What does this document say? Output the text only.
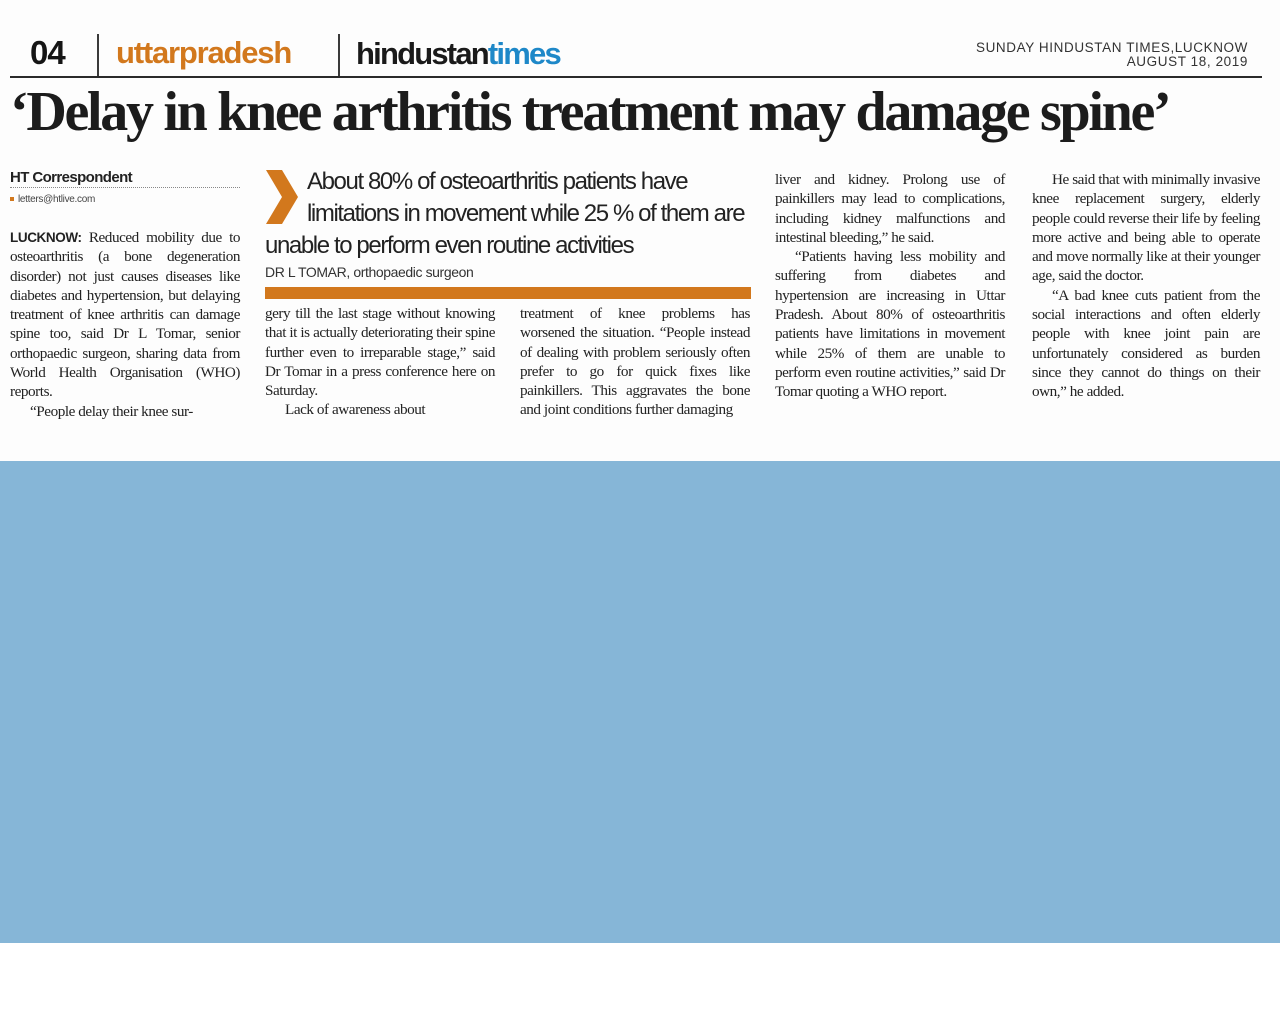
04 uttarpradesh hindustantimes	SUNDAY HINDUSTAN TIMES,LUCKNOW
AUGUST 18, 2019
‘Delay in knee arthritis treatment may damage spine’
HT Correspondent
letters@htlive.com

LUCKNOW: Reduced mobility due to osteoarthritis (a bone degeneration disorder) not just causes diseases like diabetes and hypertension, but delaying treatment of knee arthritis can damage spine too, said Dr L Tomar, senior orthopaedic surgeon, sharing data from World Health Organisation (WHO) reports.

“People delay their knee sur-

About 80% of osteoarthritis patients have
limitations in movement while 25 % of them are
unable to perform even routine activities
DR L TOMAR, orthopaedic surgeon

gery till the last stage without knowing that it is actually deteriorating their spine further even to irreparable stage,” said Dr Tomar in a press conference here on Saturday.

Lack of awareness about

treatment of knee problems has worsened the situation. “People instead of dealing with problem seriously often prefer to go for quick fixes like painkillers. This aggravates the bone and joint conditions further damaging

liver and kidney. Prolong use of painkillers may lead to complications, including kidney malfunctions and intestinal bleeding,” he said.

“Patients having less mobility and suffering from diabetes and hypertension are increasing in Uttar Pradesh. About 80% of osteoarthritis patients have limitations in movement while 25% of them are unable to perform even routine activities,” said Dr Tomar quoting a WHO report.

He said that with minimally invasive knee replacement surgery, elderly people could reverse their life by feeling more active and being able to operate and move normally like at their younger age, said the doctor.

“A bad knee cuts patient from the social interactions and often elderly people with knee joint pain are unfortunately considered as burden since they cannot do things on their own,” he added.
